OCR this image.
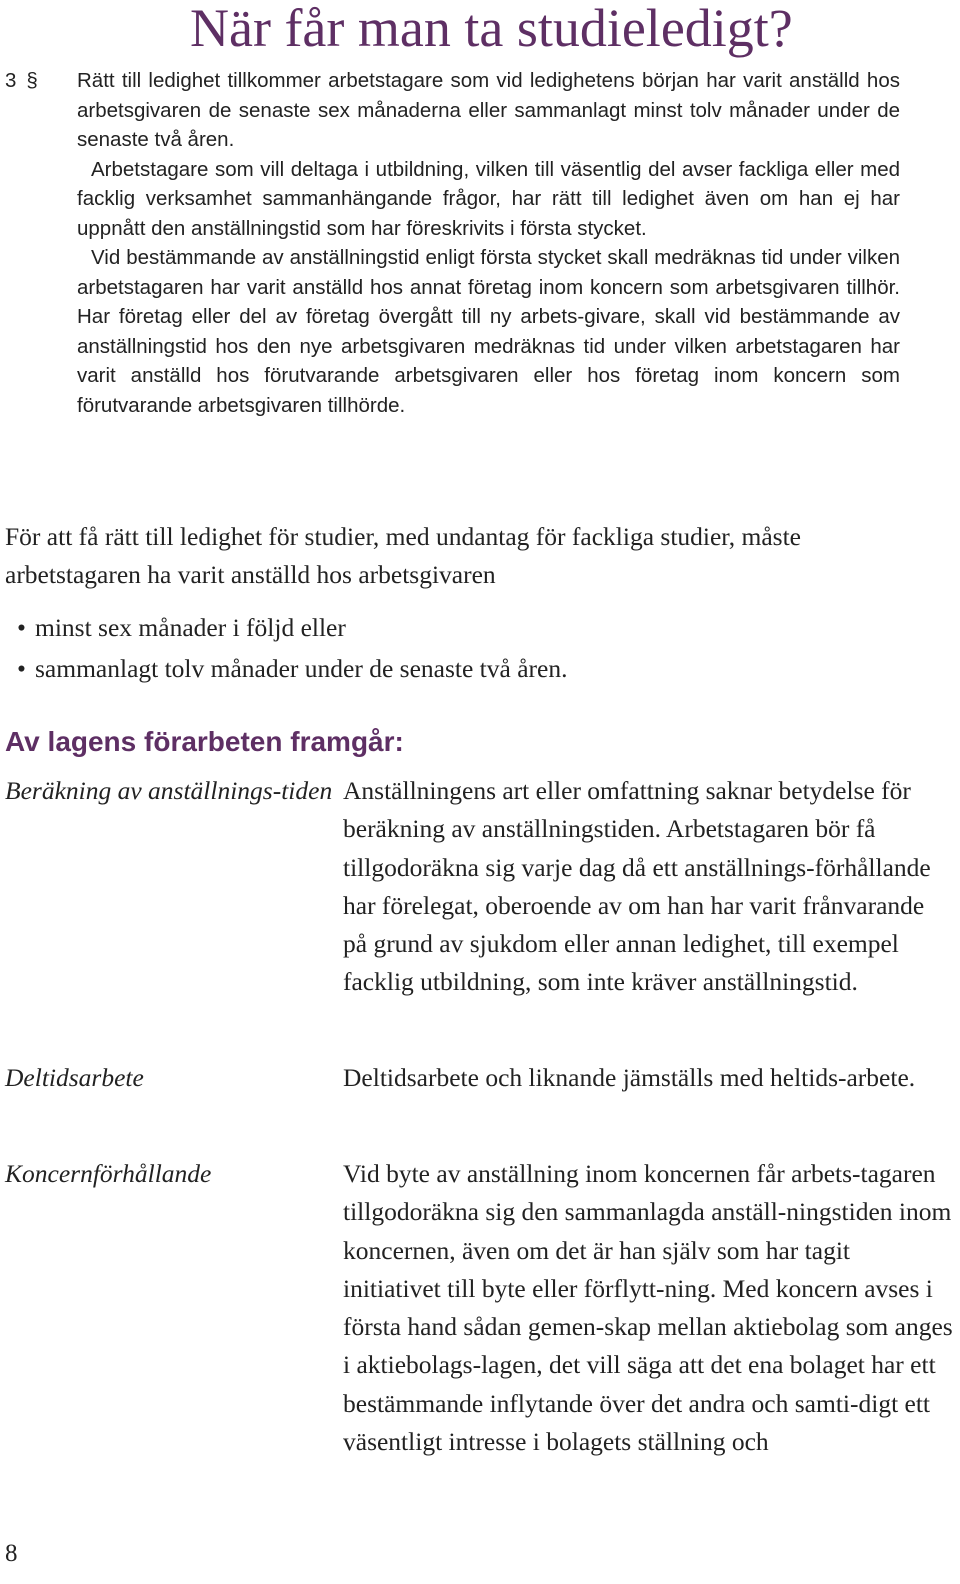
När får man ta studieledigt?

3 § Rätt till ledighet tillkommer arbetstagare som vid ledighetens början har varit anställd hos arbetsgivaren de senaste sex månaderna eller sammanlagt minst tolv månader under de senaste två åren.

Arbetstagare som vill deltaga i utbildning, vilken till väsentlig del avser fackliga eller med facklig verksamhet sammanhängande frågor, har rätt till ledighet även om han ej har uppnått den anställningstid som har föreskrivits i första stycket.

Vid bestämmande av anställningstid enligt första stycket skall medräknas tid under vilken arbetstagaren har varit anställd hos annat företag inom koncern som arbetsgivaren tillhör. Har företag eller del av företag övergått till ny arbets-givare, skall vid bestämmande av anställningstid hos den nye arbetsgivaren medräknas tid under vilken arbetstagaren har varit anställd hos förutvarande arbetsgivaren eller hos företag inom koncern som förutvarande arbetsgivaren tillhörde.

För att få rätt till ledighet för studier, med undantag för fackliga studier, måste arbetstagaren ha varit anställd hos arbetsgivaren

• minst sex månader i följd eller
• sammanlagt tolv månader under de senaste två åren.
Av lagens förarbeten framgår:
Beräkning av anställnings-tiden Anställningens art eller omfattning saknar betydelse för beräkning av anställningstiden. Arbetstagaren bör få tillgodoräkna sig varje dag då ett anställnings-förhållande har förelegat, oberoende av om han har varit frånvarande på grund av sjukdom eller annan ledighet, till exempel facklig utbildning, som inte kräver anställningstid.
Deltidsarbete	Deltidsarbete och liknande jämställs med heltids-arbete.
Koncernförhållande	Vid byte av anställning inom koncernen får arbets-tagaren tillgodoräkna sig den sammanlagda anställ-ningstiden inom koncernen, även om det är han själv som har tagit initiativet till byte eller förflytt-ning. Med koncern avses i första hand sådan gemen-skap mellan aktiebolag som anges i aktiebolags-lagen, det vill säga att det ena bolaget har ett bestämmande inflytande över det andra och samti-digt ett väsentligt intresse i bolagets ställning och
8
